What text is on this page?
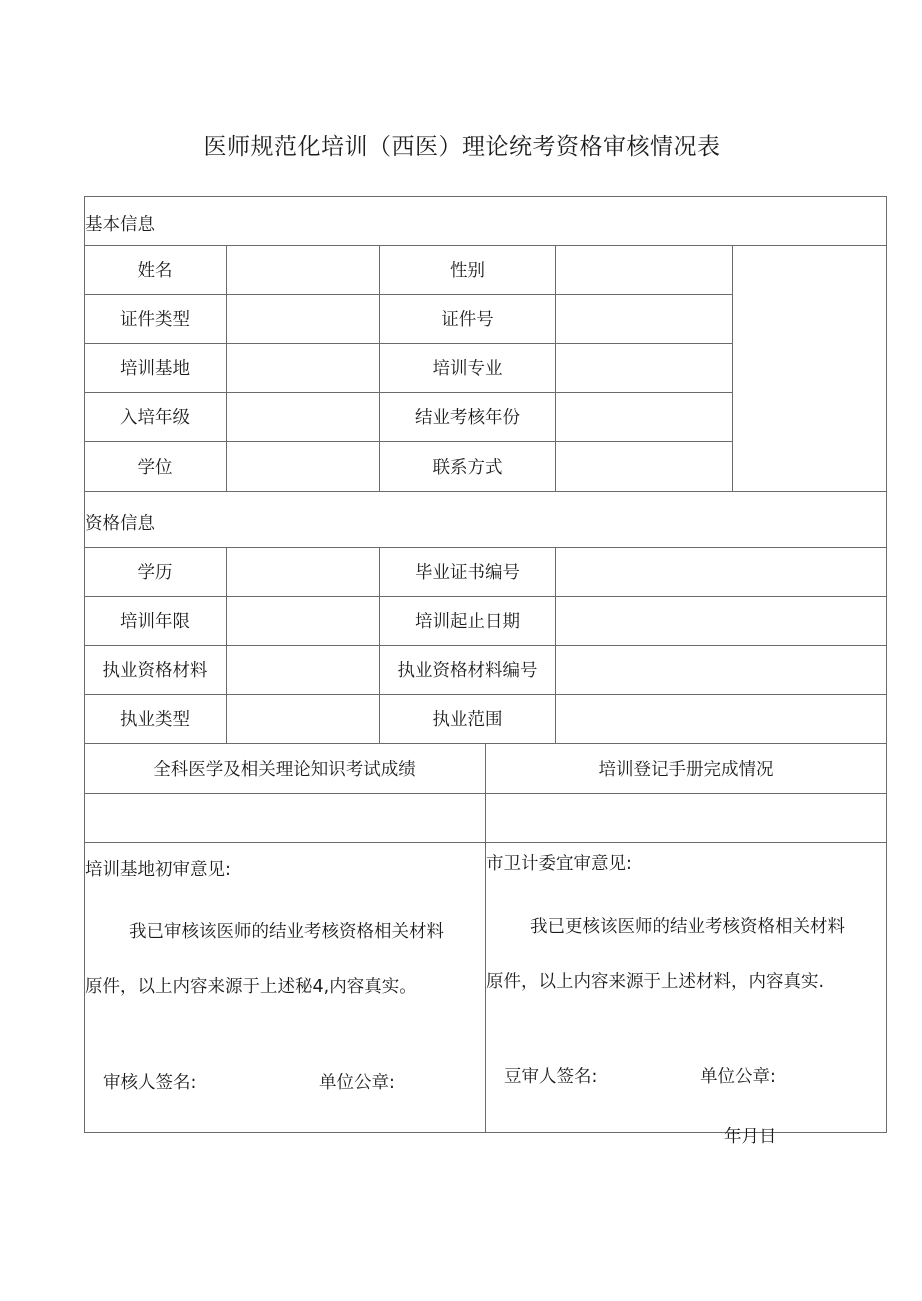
医师规范化培训（西医）理论统考资格审核情况表
基本信息
姓名	性别
证件类型	证件号
培训基地	培训专业
入培年级	结业考核年份
学位	联系方式
资格信息
学历	毕业证书编号
培训年限	培训起止日期
执业资格材料	执业资格材料编号
执业类型	执业范围
全科医学及相关理论知识考试成绩	培训登记手册完成情况
培训基地初审意见:
我已审核该医师的结业考核资格相关材料
原件，以上内容来源于上述秘4,内容真实。
审核人签名:	单位公章:
市卫计委宜审意见:
我已更核该医师的结业考核资格相关材料
原件，以上内容来源于上述材料，内容真实.
豆审人签名:	单位公章:
年月日
